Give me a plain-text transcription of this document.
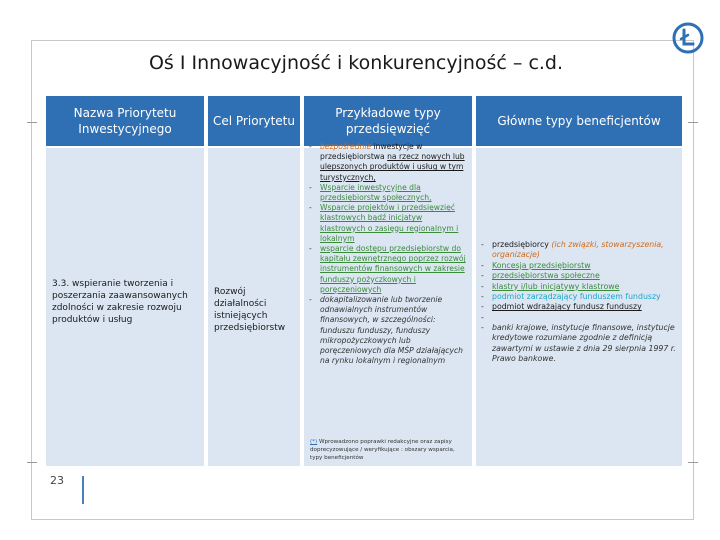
Oś I Innowacyjność i konkurencyjność – c.d.
Nazwa Priorytetu Inwestycyjnego
Cel Priorytetu
Przykładowe typy przedsięwzięć
Główne typy beneficjentów
3.3. wspieranie tworzenia i poszerzania zaawansowanych zdolności w zakresie rozwoju produktów i usług
Rozwój działalności istniejących przedsiębiorstw
- bezpośrednie inwestycje w przedsiębiorstwa na rzecz nowych lub ulepszonych produktów i usług w tym turystycznych,
- Wsparcie inwestycyjne dla przedsiębiorstw społecznych,
- Wsparcie projektów i przedsięwzięć klastrowych bądź inicjatyw klastrowych o zasięgu regionalnym i lokalnym
- wsparcie dostępu przedsiębiorstw do kapitału zewnętrznego poprzez rozwój instrumentów finansowych w zakresie funduszy pożyczkowych i poręczeniowych
- dokapitalizowanie lub tworzenie odnawialnych instrumentów finansowych, w szczególności: funduszu funduszy, funduszy mikropożyczkowych lub poręczeniowych dla MŚP działających na rynku lokalnym i regionalnym
(*) Wprowadzono poprawki redakcyjne oraz zapisy doprecyzowujące / weryfikujące : obszary wsparcia, typy beneficjentów
- przedsiębiorcy (ich związki, stowarzyszenia, organizacje)
- Koncesja przedsiębiorstw
- przedsiębiorstwa społeczne
- klastry i/lub inicjatywy klastrowe
- podmiot zarządzający funduszem funduszy
- podmiot wdrażający fundusz funduszy
-
- banki krajowe, instytucje finansowe, instytucje kredytowe rozumiane zgodnie z definicją zawartymi w ustawie z dnia 29 sierpnia 1997 r. Prawo bankowe.
23
